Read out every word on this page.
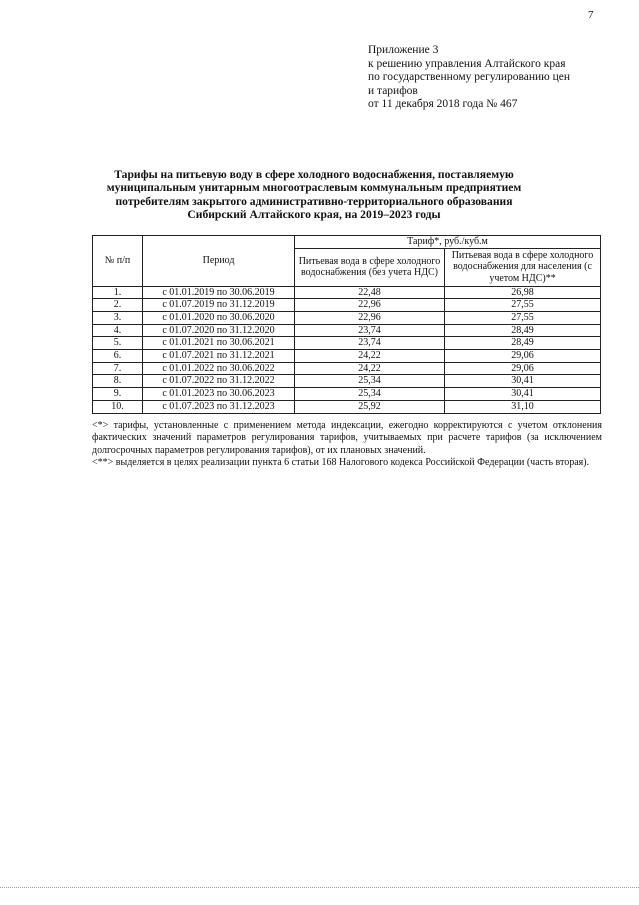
7
Приложение 3
к решению управления Алтайского края
по государственному регулированию цен
и тарифов
от 11 декабря 2018 года № 467
Тарифы на питьевую воду в сфере холодного водоснабжения, поставляемую
муниципальным унитарным многоотраслевым коммунальным предприятием
потребителям закрытого административно-территориального образования
Сибирский Алтайского края, на 2019–2023 годы
№ п/п	Период	Тариф*, руб./куб.м	
		Питьевая вода в сфере холодного водоснабжения (без учета НДС)	Питьевая вода в сфере холодного водоснабжения для населения (с учетом НДС)**
1.	с 01.01.2019 по 30.06.2019	22,48	26,98
2.	с 01.07.2019 по 31.12.2019	22,96	27,55
3.	с 01.01.2020 по 30.06.2020	22,96	27,55
4.	с 01.07.2020 по 31.12.2020	23,74	28,49
5.	с 01.01.2021 по 30.06.2021	23,74	28,49
6.	с 01.07.2021 по 31.12.2021	24,22	29,06
7.	с 01.01.2022 по 30.06.2022	24,22	29,06
8.	с 01.07.2022 по 31.12.2022	25,34	30,41
9.	с 01.01.2023 по 30.06.2023	25,34	30,41
10.	с 01.07.2023 по 31.12.2023	25,92	31,10

<*> тарифы, установленные с применением метода индексации, ежегодно корректируются с учетом отклонения фактических значений параметров регулирования тарифов, учитываемых при расчете тарифов (за исключением долгосрочных параметров регулирования тарифов), от их плановых значений.

<**> выделяется в целях реализации пункта 6 статьи 168 Налогового кодекса Российской Федерации (часть вторая).
